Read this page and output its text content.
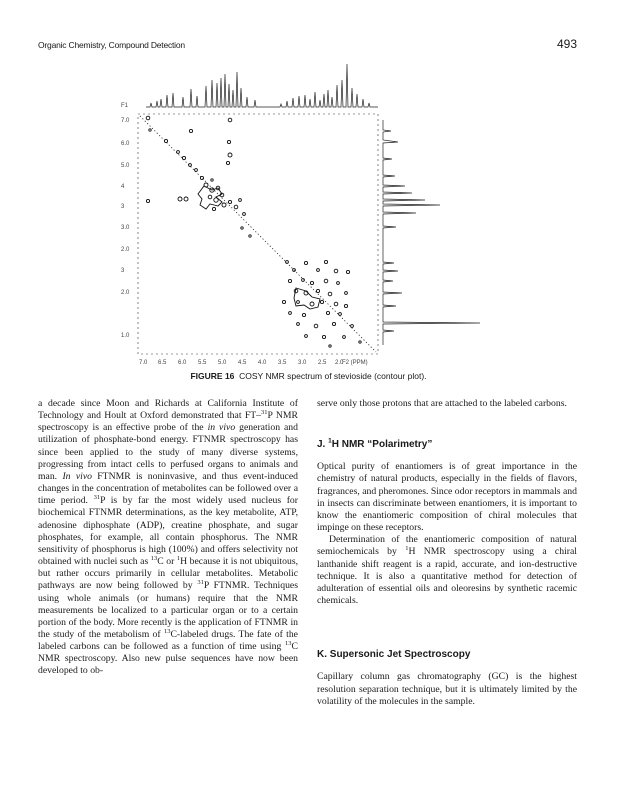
Organic Chemistry, Compound Detection	493
F1
F2 (PPM)
7.0
6.0
5.0
4
3
3.0
2.0
3
2.0
1.0
7.0 6.5 6.0 5.5 5.0 4.5 4.0 3.5 3.0 2.5 2.0
FIGURE 16 COSY NMR spectrum of stevioside (contour plot).

a decade since Moon and Richards at California Institute of Technology and Hoult at Oxford demonstrated that FT–$^{31}$P NMR spectroscopy is an effective probe of the in vivo generation and utilization of phosphate-bond energy. FTNMR spectroscopy has since been applied to the study of many diverse systems, progressing from intact cells to perfused organs to animals and man. In vivo FTNMR is noninvasive, and thus event-induced changes in the concentration of metabolites can be followed over a time period. $^{31}$P is by far the most widely used nucleus for biochemical FTNMR determinations, as the key metabolite, ATP, adenosine diphosphate (ADP), creatine phosphate, and sugar phosphates, for example, all contain phosphorus. The NMR sensitivity of phosphorus is high (100%) and offers selectivity not obtained with nuclei such as $^{13}$C or $^1$H because it is not ubiquitous, but rather occurs primarily in cellular metabolites. Metabolic pathways are now being followed by $^{31}$P FTNMR. Techniques using whole animals (or humans) require that the NMR measurements be localized to a particular organ or to a certain portion of the body. More recently is the application of FTNMR in the study of the metabolism of $^{13}$C-labeled drugs. The fate of the labeled carbons can be followed as a function of time using $^{13}$C NMR spectroscopy. Also new pulse sequences have now been developed to ob-

serve only those protons that are attached to the labeled carbons.

J. $^1$H NMR “Polarimetry”

Optical purity of enantiomers is of great importance in the chemistry of natural products, especially in the fields of flavors, fragrances, and pheromones. Since odor receptors in mammals and in insects can discriminate between enantiomers, it is important to know the enantiomeric composition of chiral molecules that impinge on these receptors.

Determination of the enantiomeric composition of natural semiochemicals by $^1$H NMR spectroscopy using a chiral lanthanide shift reagent is a rapid, accurate, and ion-destructive technique. It is also a quantitative method for detection of adulteration of essential oils and oleoresins by synthetic racemic chemicals.

K. Supersonic Jet Spectroscopy

Capillary column gas chromatography (GC) is the highest resolution separation technique, but it is ultimately limited by the volatility of the molecules in the sample.
